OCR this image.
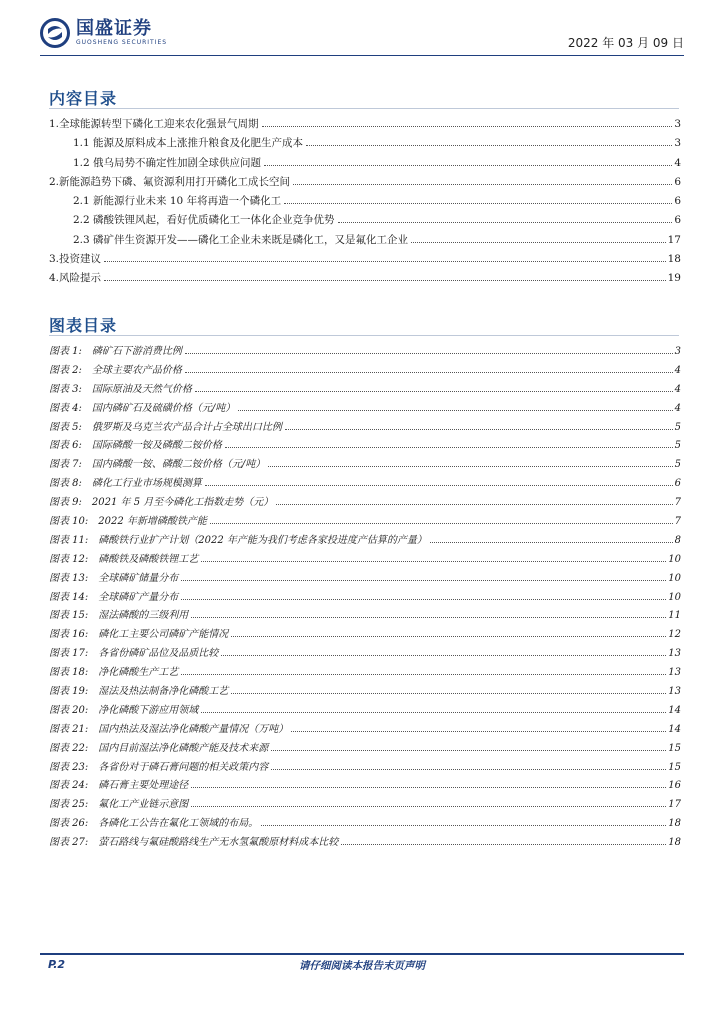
国盛证券
GUOSHENG SECURITIES	2022 年 03 月 09 日
内容目录
1.全球能源转型下磷化工迎来农化强景气周期	3
1.1 能源及原料成本上涨推升粮食及化肥生产成本	3
1.2 俄乌局势不确定性加剧全球供应问题	4
2.新能源趋势下磷、氟资源利用打开磷化工成长空间	6
2.1 新能源行业未来 10 年将再造一个磷化工	6
2.2 磷酸铁锂风起，看好优质磷化工一体化企业竞争优势	6
2.3 磷矿伴生资源开发——磷化工企业未来既是磷化工，又是氟化工企业	17
3.投资建议	18
4.风险提示	19
图表目录
图表 1: 磷矿石下游消费比例	3
图表 2: 全球主要农产品价格	4
图表 3: 国际原油及天然气价格	4
图表 4: 国内磷矿石及硫磺价格（元/吨）	4
图表 5: 俄罗斯及乌克兰农产品合计占全球出口比例	5
图表 6: 国际磷酸一铵及磷酸二铵价格	5
图表 7: 国内磷酸一铵、磷酸二铵价格（元/吨）	5
图表 8: 磷化工行业市场规模测算	6
图表 9: 2021 年 5 月至今磷化工指数走势（元）	7
图表 10: 2022 年新增磷酸铁产能	7
图表 11: 磷酸铁行业扩产计划（2022 年产能为我们考虑各家投进度产估算的产量）	8
图表 12: 磷酸铁及磷酸铁锂工艺	10
图表 13: 全球磷矿储量分布	10
图表 14: 全球磷矿产量分布	10
图表 15: 湿法磷酸的三级利用	11
图表 16: 磷化工主要公司磷矿产能情况	12
图表 17: 各省份磷矿品位及品质比较	13
图表 18: 净化磷酸生产工艺	13
图表 19: 湿法及热法制备净化磷酸工艺	13
图表 20: 净化磷酸下游应用领域	14
图表 21: 国内热法及湿法净化磷酸产量情况（万吨）	14
图表 22: 国内目前湿法净化磷酸产能及技术来源	15
图表 23: 各省份对于磷石膏问题的相关政策内容	15
图表 24: 磷石膏主要处理途径	16
图表 25: 氟化工产业链示意图	17
图表 26: 各磷化工公告在氟化工领域的布局。	18
图表 27: 萤石路线与氟硅酸路线生产无水氢氟酸原材料成本比较	18
P.2	请仔细阅读本报告末页声明
